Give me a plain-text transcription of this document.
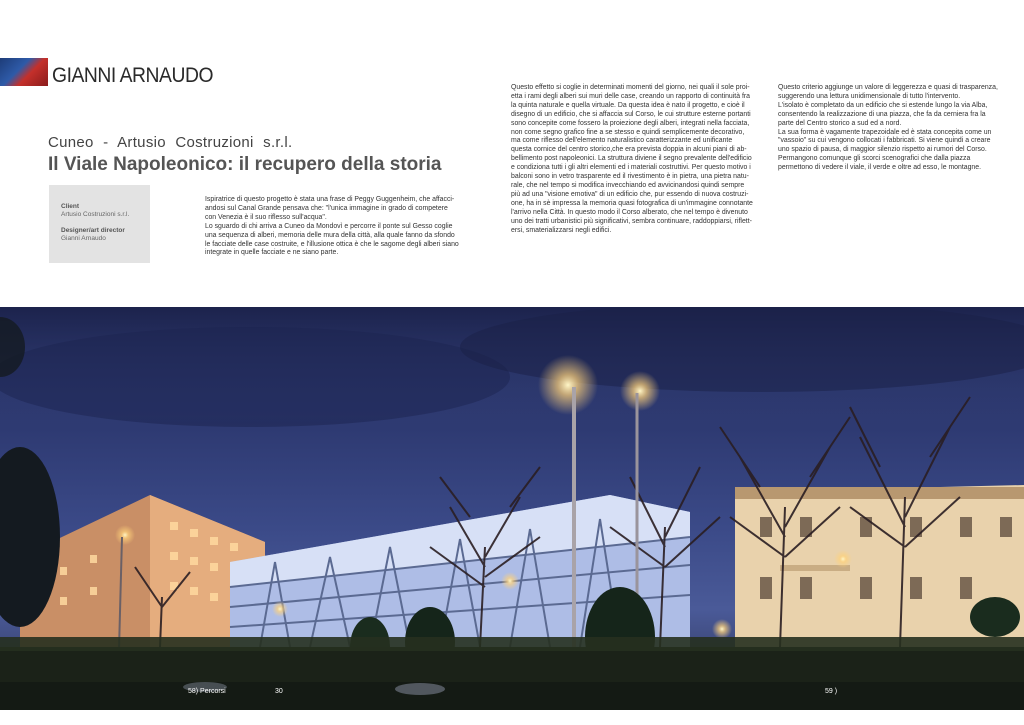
GIANNI ARNAUDO
Cuneo - Artusio Costruzioni s.r.l.
Il Viale Napoleonico: il recupero della storia
Client
Artusio Costruzioni s.r.l.
Designer/art director
Gianni Arnaudo

Ispiratrice di questo progetto è stata una frase di Peggy Guggenheim, che affacci-
andosi sul Canal Grande pensava che: "l'unica immagine in grado di competere
con Venezia è il suo riflesso sull'acqua".
Lo sguardo di chi arriva a Cuneo da Mondovì e percorre il ponte sul Gesso coglie
una sequenza di alberi, memoria delle mura della città, alla quale fanno da sfondo
le facciate delle case costruite, e l'illusione ottica è che le sagome degli alberi siano
integrate in quelle facciate e ne siano parte.

Questo effetto si coglie in determinati momenti del giorno, nei quali il sole proi-
etta i rami degli alberi sui muri delle case, creando un rapporto di continuità fra
la quinta naturale e quella virtuale. Da questa idea è nato il progetto, e cioè il
disegno di un edificio, che si affaccia sul Corso, le cui strutture esterne portanti
sono concepite come fossero la proiezione degli alberi, integrati nella facciata,
non come segno grafico fine a se stesso e quindi semplicemente decorativo,
ma come riflesso dell'elemento naturalistico caratterizzante ed unificante
questa cornice del centro storico,che era prevista doppia in alcuni piani di ab-
bellimento post napoleonici. La struttura diviene il segno prevalente dell'edificio
e condiziona tutti i gli altri elementi ed i materiali costruttivi. Per questo motivo i
balconi sono in vetro trasparente ed il rivestimento è in pietra, una pietra natu-
rale, che nel tempo si modifica invecchiando ed avvicinandosi quindi sempre
più ad una "visione emotiva" di un edificio che, pur essendo di nuova costruzi-
one, ha in sè impressa la memoria quasi fotografica di un'immagine connotante
l'arrivo nella Città. In questo modo il Corso alberato, che nel tempo è divenuto
uno dei tratti urbanistici più significativi, sembra continuare, raddoppiarsi, riflett-
ersi, smaterializzarsi negli edifici.

Questo criterio aggiunge un valore di leggerezza e quasi di trasparenza,
suggerendo una lettura unidimensionale di tutto l'intervento.
L'isolato è completato da un edificio che si estende lungo la via Alba,
consentendo la realizzazione di una piazza, che fa da cerniera fra la
parte del Centro storico a sud ed a nord.
La sua forma è vagamente trapezoidale ed è stata concepita come un
"vassoio" su cui vengono collocati i fabbricati. Si viene quindi a creare
uno spazio di pausa, di maggior silenzio rispetto ai rumori del Corso.
Permangono comunque gli scorci scenografici che dalla piazza
permettono di vedere il viale, il verde e oltre ad esso, le montagne.

58) Percorsi	30	59 )
